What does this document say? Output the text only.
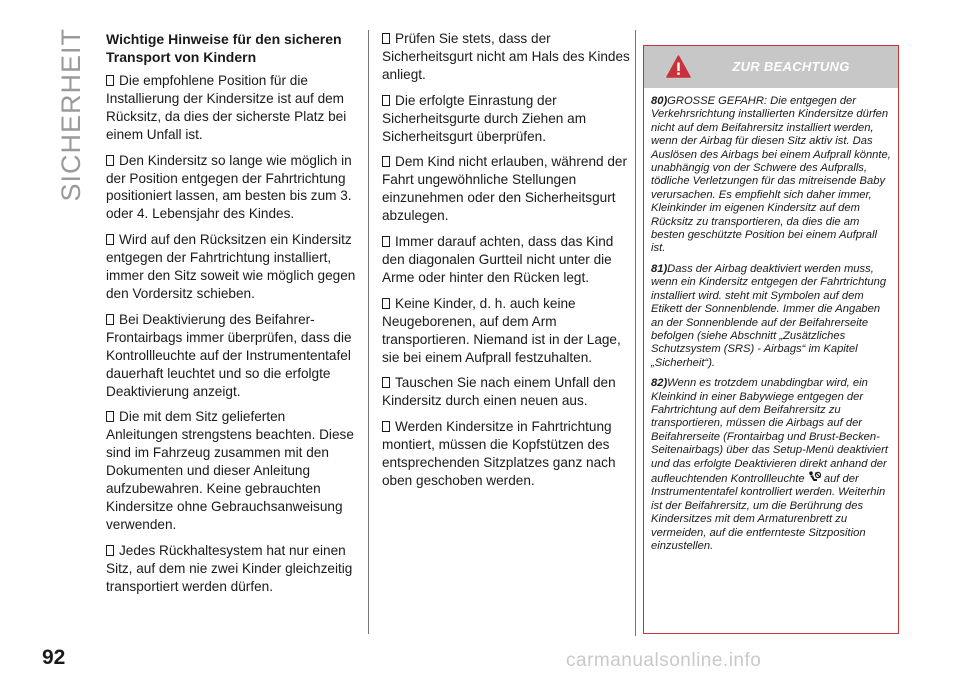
SICHERHEIT Wichtige Hinweise für den sicheren Transport von Kindern
Die empfohlene Position für die Installierung der Kindersitze ist auf dem Rücksitz, da dies der sicherste Platz bei einem Unfall ist.
Den Kindersitz so lange wie möglich in der Position entgegen der Fahrtrichtung positioniert lassen, am besten bis zum 3. oder 4. Lebensjahr des Kindes.
Wird auf den Rücksitzen ein Kindersitz entgegen der Fahrtrichtung installiert, immer den Sitz soweit wie möglich gegen den Vordersitz schieben.
Bei Deaktivierung des Beifahrer-Frontairbags immer überprüfen, dass die Kontrollleuchte auf der Instrumententafel dauerhaft leuchtet und so die erfolgte Deaktivierung anzeigt.
Die mit dem Sitz gelieferten Anleitungen strengstens beachten. Diese sind im Fahrzeug zusammen mit den Dokumenten und dieser Anleitung aufzubewahren. Keine gebrauchten Kindersitze ohne Gebrauchsanweisung verwenden.
Jedes Rückhaltesystem hat nur einen Sitz, auf dem nie zwei Kinder gleichzeitig transportiert werden dürfen.
Prüfen Sie stets, dass der Sicherheitsgurt nicht am Hals des Kindes anliegt.
Die erfolgte Einrastung der Sicherheitsgurte durch Ziehen am Sicherheitsgurt überprüfen.
Dem Kind nicht erlauben, während der Fahrt ungewöhnliche Stellungen einzunehmen oder den Sicherheitsgurt abzulegen.
Immer darauf achten, dass das Kind den diagonalen Gurtteil nicht unter die Arme oder hinter den Rücken legt.
Keine Kinder, d. h. auch keine Neugeborenen, auf dem Arm transportieren. Niemand ist in der Lage, sie bei einem Aufprall festzuhalten.
Tauschen Sie nach einem Unfall den Kindersitz durch einen neuen aus.
Werden Kindersitze in Fahrtrichtung montiert, müssen die Kopfstützen des entsprechenden Sitzplatzes ganz nach oben geschoben werden.
ZUR BEACHTUNG
80)GROSSE GEFAHR: Die entgegen der Verkehrsrichtung installierten Kindersitze dürfen nicht auf dem Beifahrersitz installiert werden, wenn der Airbag für diesen Sitz aktiv ist. Das Auslösen des Airbags bei einem Aufprall könnte, unabhängig von der Schwere des Aufpralls, tödliche Verletzungen für das mitreisende Baby verursachen. Es empfiehlt sich daher immer, Kleinkinder im eigenen Kindersitz auf dem Rücksitz zu transportieren, da dies die am besten geschützte Position bei einem Aufprall ist.
81)Dass der Airbag deaktiviert werden muss, wenn ein Kindersitz entgegen der Fahrtrichtung installiert wird. steht mit Symbolen auf dem Etikett der Sonnenblende. Immer die Angaben an der Sonnenblende auf der Beifahrerseite befolgen (siehe Abschnitt „Zusätzliches Schutzsystem (SRS) - Airbags“ im Kapitel „Sicherheit“).
82)Wenn es trotzdem unabdingbar wird, ein Kleinkind in einer Babywiege entgegen der Fahrtrichtung auf dem Beifahrersitz zu transportieren, müssen die Airbags auf der Beifahrerseite (Frontairbag und Brust-Becken-Seitenairbags) über das Setup-Menü deaktiviert und das erfolgte Deaktivieren direkt anhand der aufleuchtenden Kontrollleuchte auf der Instrumententafel kontrolliert werden. Weiterhin ist der Beifahrersitz, um die Berührung des Kindersitzes mit dem Armaturenbrett zu vermeiden, auf die entfernteste Sitzposition einzustellen.
92	carmanualsonline.info
